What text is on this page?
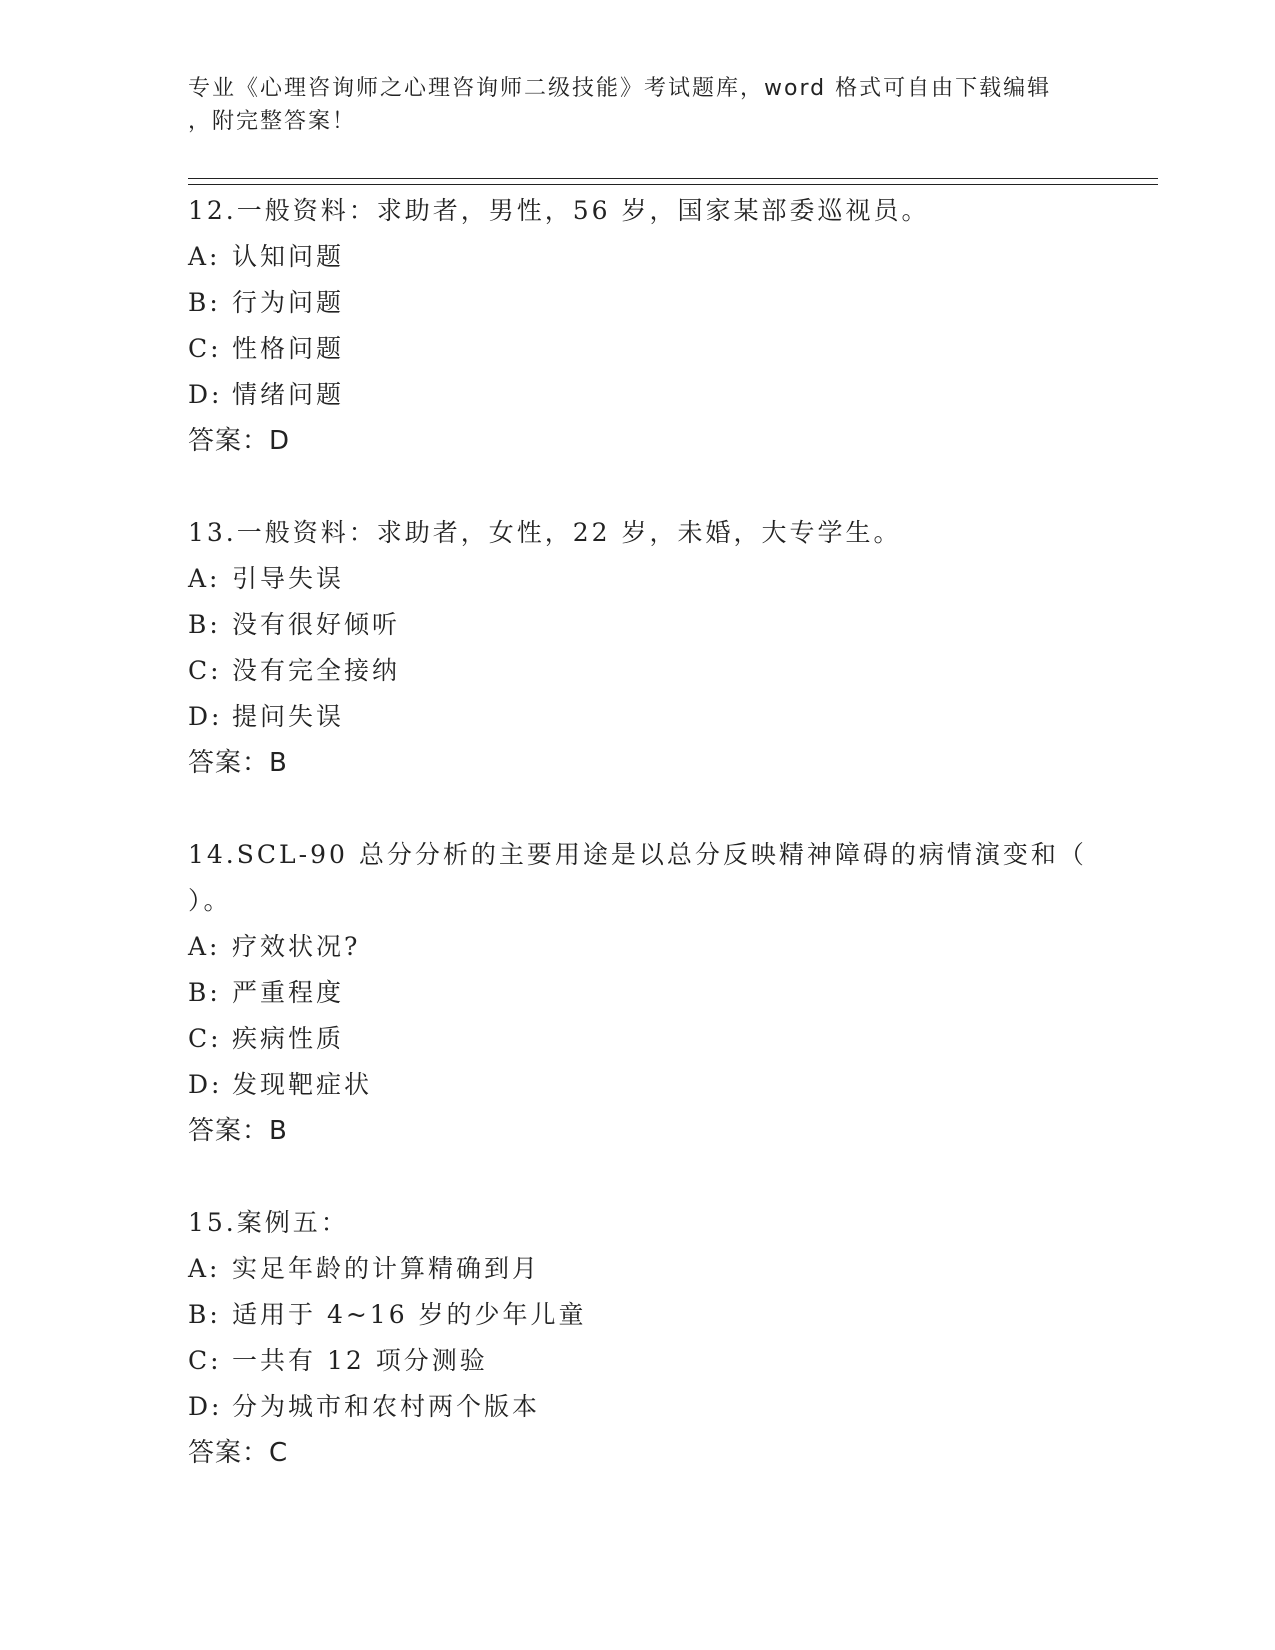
专业《心理咨询师之心理咨询师二级技能》考试题库，word 格式可自由下载编辑
，附完整答案！
12.一般资料：求助者，男性，56 岁，国家某部委巡视员。
A: 认知问题
B: 行为问题
C: 性格问题
D: 情绪问题
答案：D
13.一般资料：求助者，女性，22 岁，未婚，大专学生。
A: 引导失误
B: 没有很好倾听
C: 没有完全接纳
D: 提问失误
答案：B
14.SCL-90 总分分析的主要用途是以总分反映精神障碍的病情演变和（
）。
A: 疗效状况?
B: 严重程度
C: 疾病性质
D: 发现靶症状
答案：B
15.案例五：
A: 实足年龄的计算精确到月
B: 适用于 4~16 岁的少年儿童
C: 一共有 12 项分测验
D: 分为城市和农村两个版本
答案：C
